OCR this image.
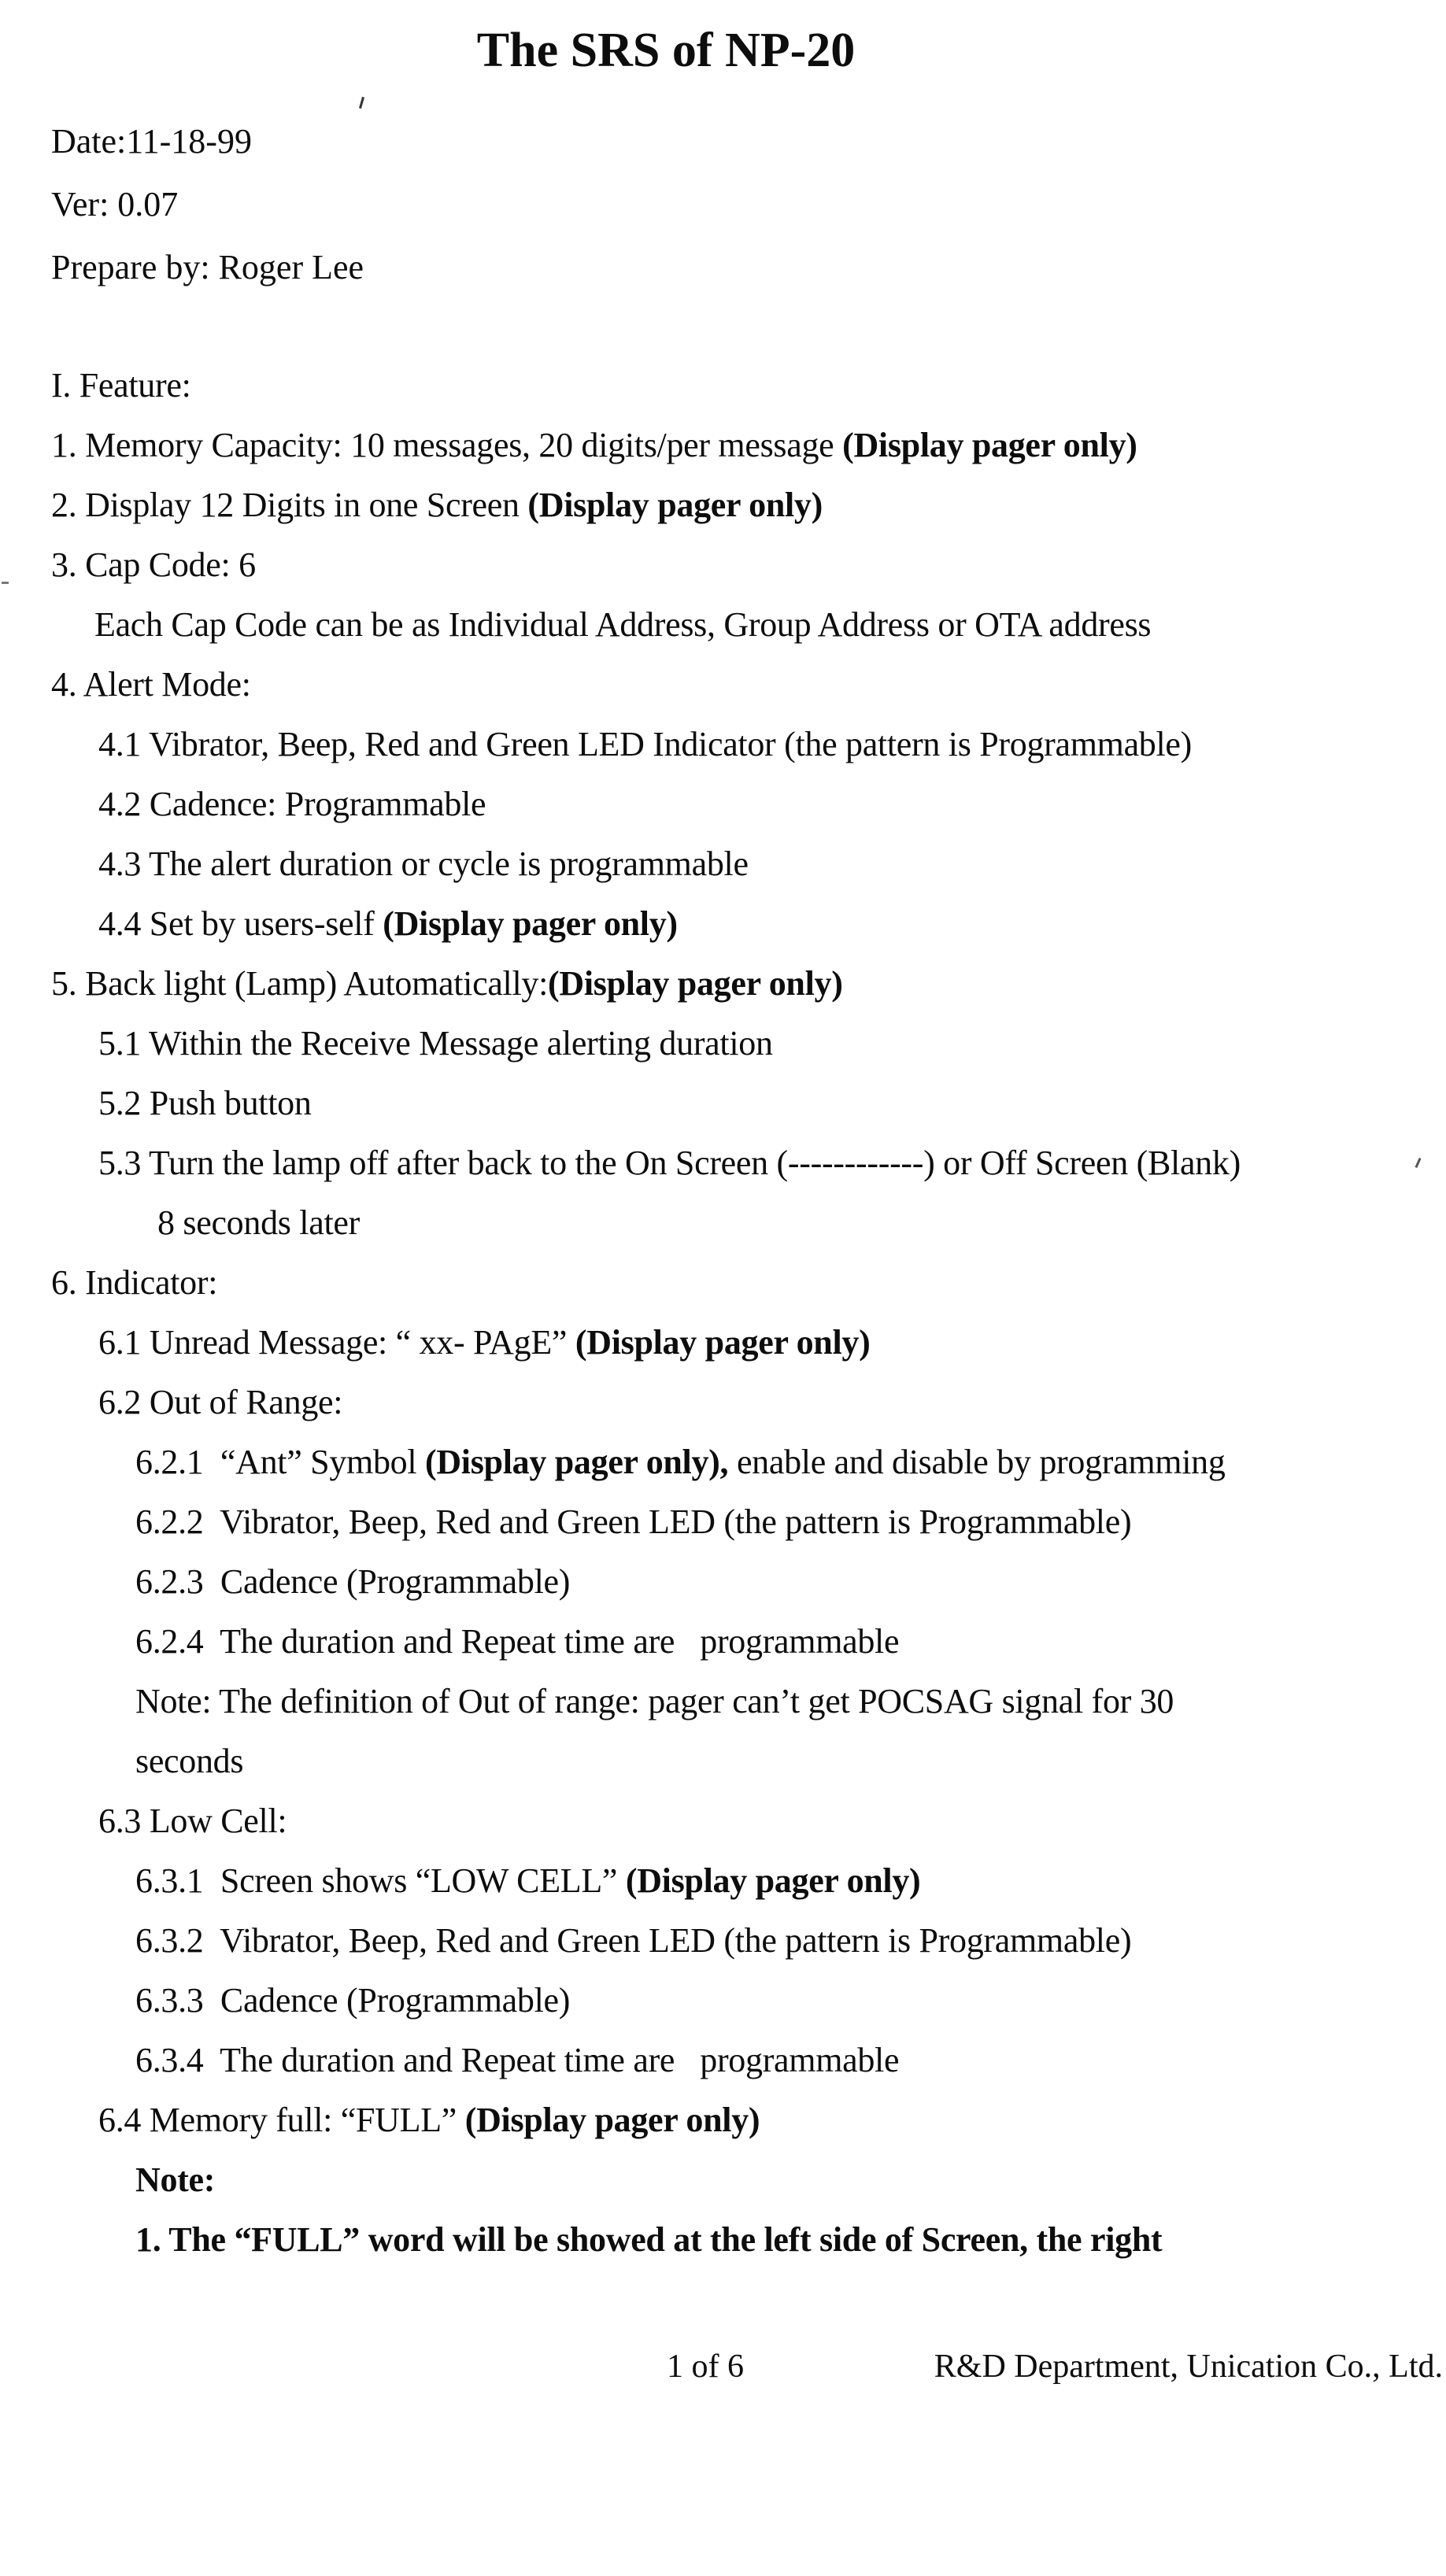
The SRS of NP-20
Date:11-18-99
Ver: 0.07
Prepare by: Roger Lee
I. Feature:
1. Memory Capacity: 10 messages, 20 digits/per message (Display pager only)
2. Display 12 Digits in one Screen (Display pager only)
3. Cap Code: 6
Each Cap Code can be as Individual Address, Group Address or OTA address
4. Alert Mode:
4.1 Vibrator, Beep, Red and Green LED Indicator (the pattern is Programmable)
4.2 Cadence: Programmable
4.3 The alert duration or cycle is programmable
4.4 Set by users-self (Display pager only)
5. Back light (Lamp) Automatically:(Display pager only)
5.1 Within the Receive Message alerting duration
5.2 Push button
5.3 Turn the lamp off after back to the On Screen (------------) or Off Screen (Blank)
8 seconds later
6. Indicator:
6.1 Unread Message: “ xx- PAgE” (Display pager only)
6.2 Out of Range:
6.2.1  “Ant” Symbol (Display pager only), enable and disable by programming
6.2.2  Vibrator, Beep, Red and Green LED (the pattern is Programmable)
6.2.3  Cadence (Programmable)
6.2.4  The duration and Repeat time are   programmable
Note: The definition of Out of range: pager can’t get POCSAG signal for 30
seconds
6.3 Low Cell:
6.3.1  Screen shows “LOW CELL” (Display pager only)
6.3.2  Vibrator, Beep, Red and Green LED (the pattern is Programmable)
6.3.3  Cadence (Programmable)
6.3.4  The duration and Repeat time are   programmable
6.4 Memory full: “FULL” (Display pager only)
Note:
1. The “FULL” word will be showed at the left side of Screen, the right

1 of 6

	R&D Department, Unication Co., Ltd.
